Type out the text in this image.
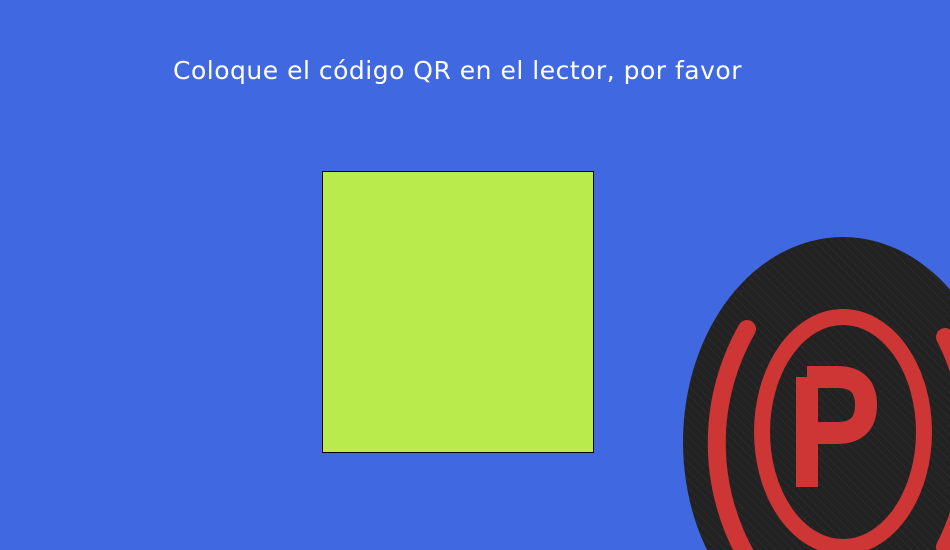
Coloque el código QR en el lector, por favor
